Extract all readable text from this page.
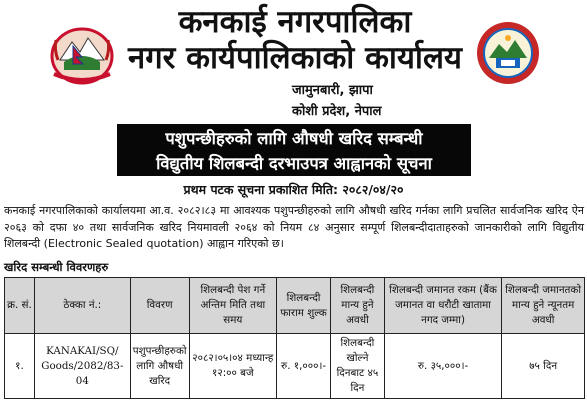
कनकाई नगरपालिका
नगर कार्यपालिकाको कार्यालय
जामुनबारी, झापा
कोशी प्रदेश, नेपाल
पशुपन्छीहरुको लागि औषधी खरिद सम्बन्धी
विद्युतीय शिलबन्दी दरभाउपत्र आह्वानको सूचना
प्रथम पटक सूचना प्रकाशित मिति: २०८२/०४/२०
कनकाई नगरपालिकाको कार्यालयमा आ.व. २०८२।८३ मा आवश्यक पशुपन्छीहरुको लागि औषधी खरिद गर्नका लागि प्रचलित सार्वजनिक खरिद ऐन २०६३ को दफा ४० तथा सार्वजनिक खरिद नियमावली २०६४ को नियम ८४ अनुसार सम्पूर्ण शिलबन्दीदाताहरुको जानकारीको लागि विद्युतीय शिलबन्दी (Electronic Sealed quotation) आह्वान गरिएको छ।
खरिद सम्बन्धी विवरणहरु
क्र. सं.	ठेक्का नं.:	विवरण	शिलबन्दी पेश गर्ने अन्तिम मिति तथा समय	शिलबन्दी फाराम शुल्क	शिलबन्दी मान्य हुने अवधी	शिलबन्दी जमानत रकम (बैंक जमानत वा धरौटी खातामा नगद जम्मा)	शिलबन्दी जमानतको मान्य हुने न्यूनतम अवधी
१.	KANAKAI/SQ/ Goods/2082/83-04	पशुपन्छीहरुको लागि औषधी खरिद	२०८२।०५।०४ मध्यान्ह १२:०० बजे	रु. १,०००।-	शिलबन्दी खोल्ने दिनबाट ४५ दिन	रु. ३५,०००।-	७५ दिन
